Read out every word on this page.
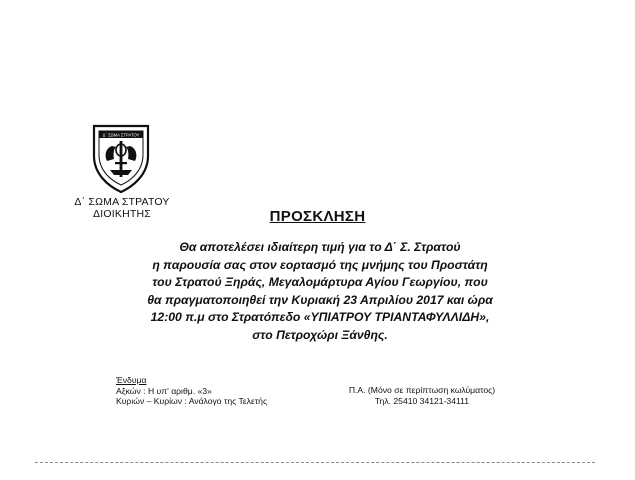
Δ΄ ΣΩΜΑ ΣΤΡΑΤΟΥ
Δ΄ ΣΩΜΑ ΣΤΡΑΤΟΥ
ΔΙΟΙΚΗΤΗΣ	ΠΡΟΣΚΛΗΣΗ
Θα αποτελέσει ιδιαίτερη τιμή για το Δ΄ Σ. Στρατού
η παρουσία σας στον εορτασμό της μνήμης του Προστάτη
του Στρατού Ξηράς, Μεγαλομάρτυρα Αγίου Γεωργίου, που
θα πραγματοποιηθεί την Κυριακή 23 Απριλίου 2017 και ώρα
12:00 π.μ στο Στρατόπεδο «ΥΠΙΑΤΡΟΥ ΤΡΙΑΝΤΑΦΥΛΛΙΔΗ»,
στο Πετροχώρι Ξάνθης.
Ένδυμα
Αξκών : Η υπ' αριθμ. «3»
Κυριών – Κυρίων : Ανάλογο της Τελετής
Π.Α. (Μόνο σε περίπτωση κωλύματος)
Τηλ. 25410 34121-34111
